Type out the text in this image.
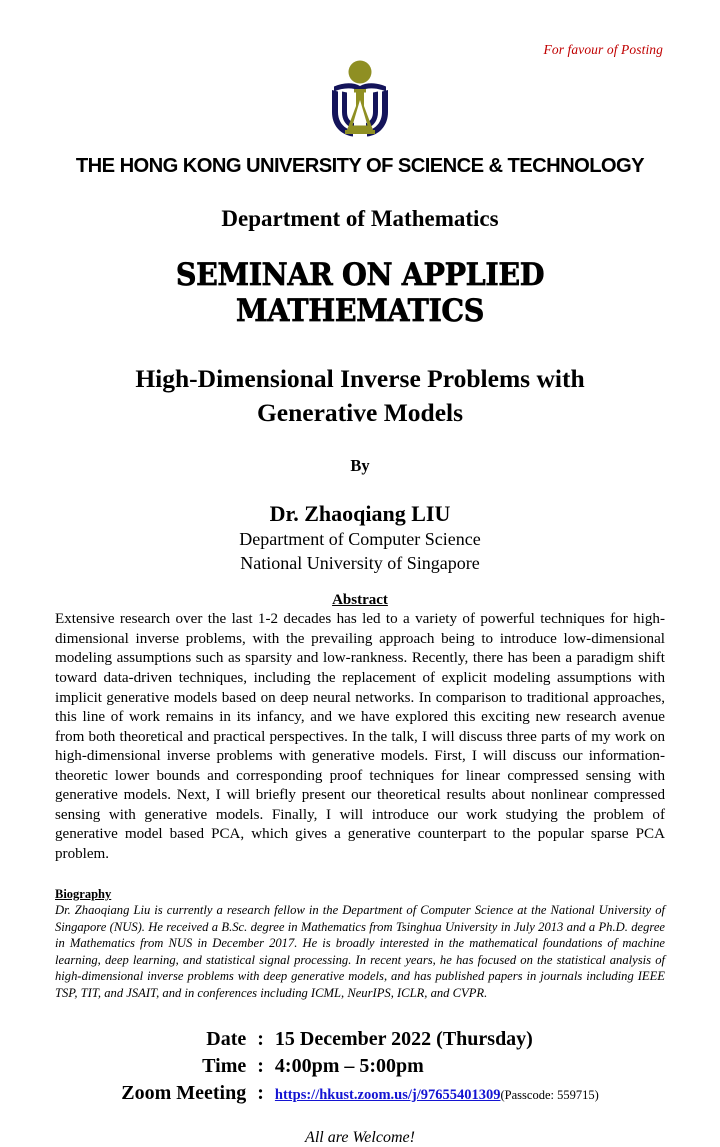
For favour of Posting
THE HONG KONG UNIVERSITY OF SCIENCE & TECHNOLOGY
Department of Mathematics
SEMINAR ON APPLIED MATHEMATICS
High-Dimensional Inverse Problems with
Generative Models
By
Dr. Zhaoqiang LIU
Department of Computer Science
National University of Singapore
Abstract
Extensive research over the last 1-2 decades has led to a variety of powerful techniques for high-dimensional inverse problems, with the prevailing approach being to introduce low-dimensional modeling assumptions such as sparsity and low-rankness. Recently, there has been a paradigm shift toward data-driven techniques, including the replacement of explicit modeling assumptions with implicit generative models based on deep neural networks. In comparison to traditional approaches, this line of work remains in its infancy, and we have explored this exciting new research avenue from both theoretical and practical perspectives. In the talk, I will discuss three parts of my work on high-dimensional inverse problems with generative models. First, I will discuss our information-theoretic lower bounds and corresponding proof techniques for linear compressed sensing with generative models. Next, I will briefly present our theoretical results about nonlinear compressed sensing with generative models. Finally, I will introduce our work studying the problem of generative model based PCA, which gives a generative counterpart to the popular sparse PCA problem.
Biography
Dr. Zhaoqiang Liu is currently a research fellow in the Department of Computer Science at the National University of Singapore (NUS). He received a B.Sc. degree in Mathematics from Tsinghua University in July 2013 and a Ph.D. degree in Mathematics from NUS in December 2017. He is broadly interested in the mathematical foundations of machine learning, deep learning, and statistical signal processing. In recent years, he has focused on the statistical analysis of high-dimensional inverse problems with deep generative models, and has published papers in journals including IEEE TSP, TIT, and JSAIT, and in conferences including ICML, NeurIPS, ICLR, and CVPR.
Date	:	15 December 2022 (Thursday)
Time	:	4:00pm – 5:00pm
Zoom Meeting	:	https://hkust.zoom.us/j/97655401309(Passcode: 559715)
All are Welcome!
